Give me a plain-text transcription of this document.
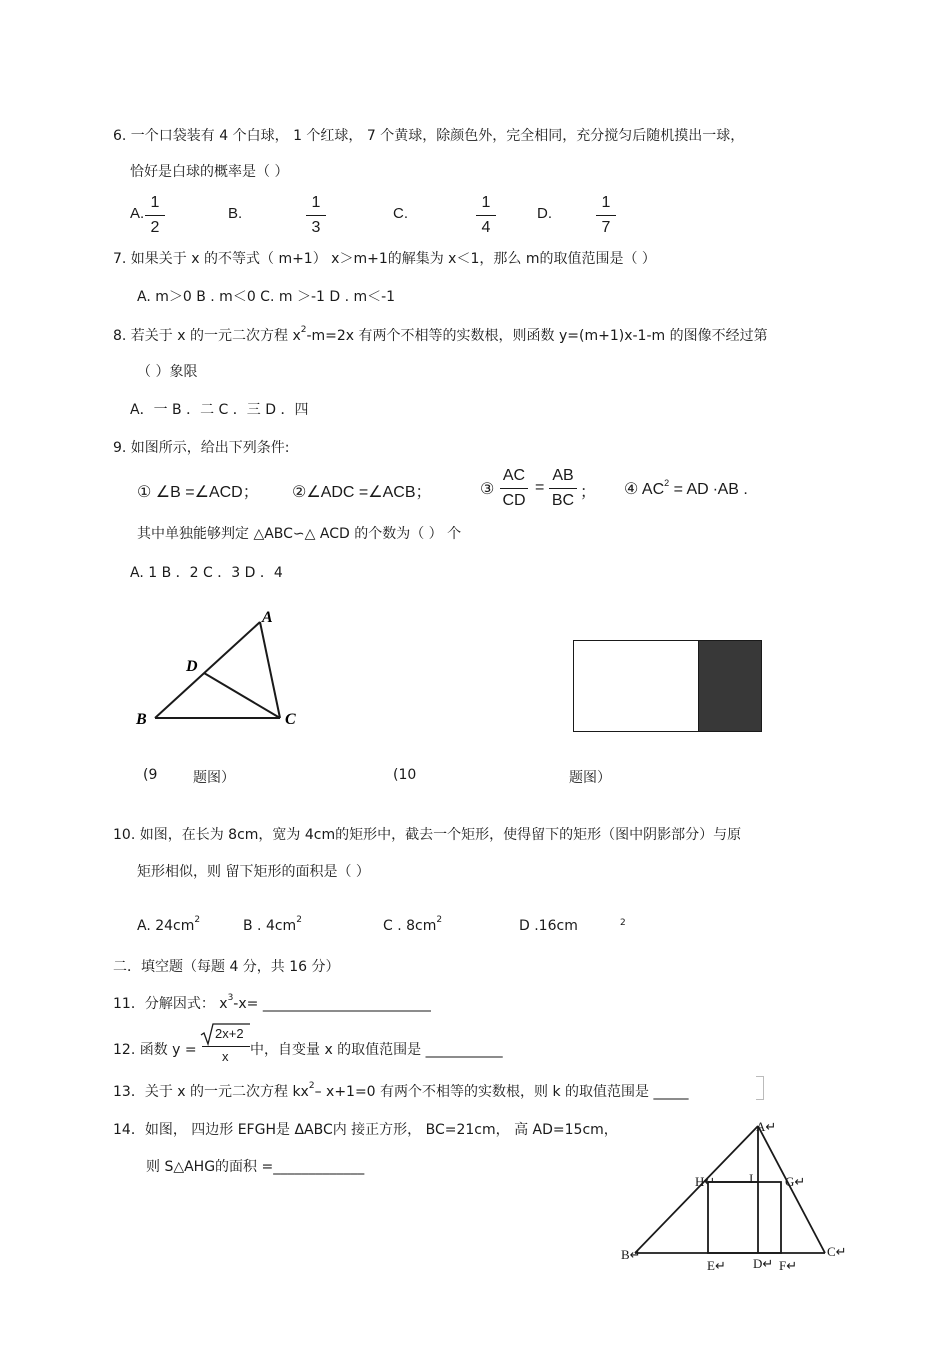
6. 一个口袋装有 4 个白球， 1 个红球， 7 个黄球，除颜色外，完全相同，充分搅匀后随机摸出一球，
恰好是白球的概率是（ ）
A.
1
2
B.
1
3
C.
1
4
D.
1
7
7. 如果关于 x 的不等式（ m+1） x＞m+1的解集为 x＜1，那么 m的取值范围是（ ）
A. m＞0 B . m＜0 C. m ＞-1 D . m＜-1
8. 若关于 x 的一元二次方程 $x^2-m=2x$ 有两个不相等的实数根，则函数 y=(m+1)x-1-m 的图像不经过第
（ ）象限
A．一 B ．二 C ．三 D ．四
9. 如图所示，给出下列条件:
① ∠B =∠ACD； ②∠ADC =∠ACB；	③
AC
CD
=
AB
BC ； ④ $AC^2$ = AD ∙AB .
其中单独能够判定 △ABC∽△ ACD 的个数为（ ） 个
A. 1 B ．2 C ．3 D ．4
A
B	C
D
(9	题图）	(10	题图）
10. 如图，在长为 8cm，宽为 4cm的矩形中，截去一个矩形，使得留下的矩形（图中阴影部分）与原
矩形相似，则 留下矩形的面积是（ ）
A. $24cm^2$	B . $4cm^2$	C . $8cm^2$	D .16cm	$^2$
二．填空题（每题 4 分，共 16 分）
11．分解因式： $x^3-x=$ ________________________
12. 函数 y =
2x+2
x 中，自变量 x 的取值范围是 ___________
13．关于 x 的一元二次方程 $kx^2-$ x+1=0 有两个不相等的实数根，则 k 的取值范围是 _____
14．如图， 四边形 EFGH是 ΔABC内 接正方形， BC=21cm， 高 AD=15cm，
则 S△AHG的面积 =_____________
A↵
B↵	C↵
D↵
E↵	F↵
G↵
H↵	I
